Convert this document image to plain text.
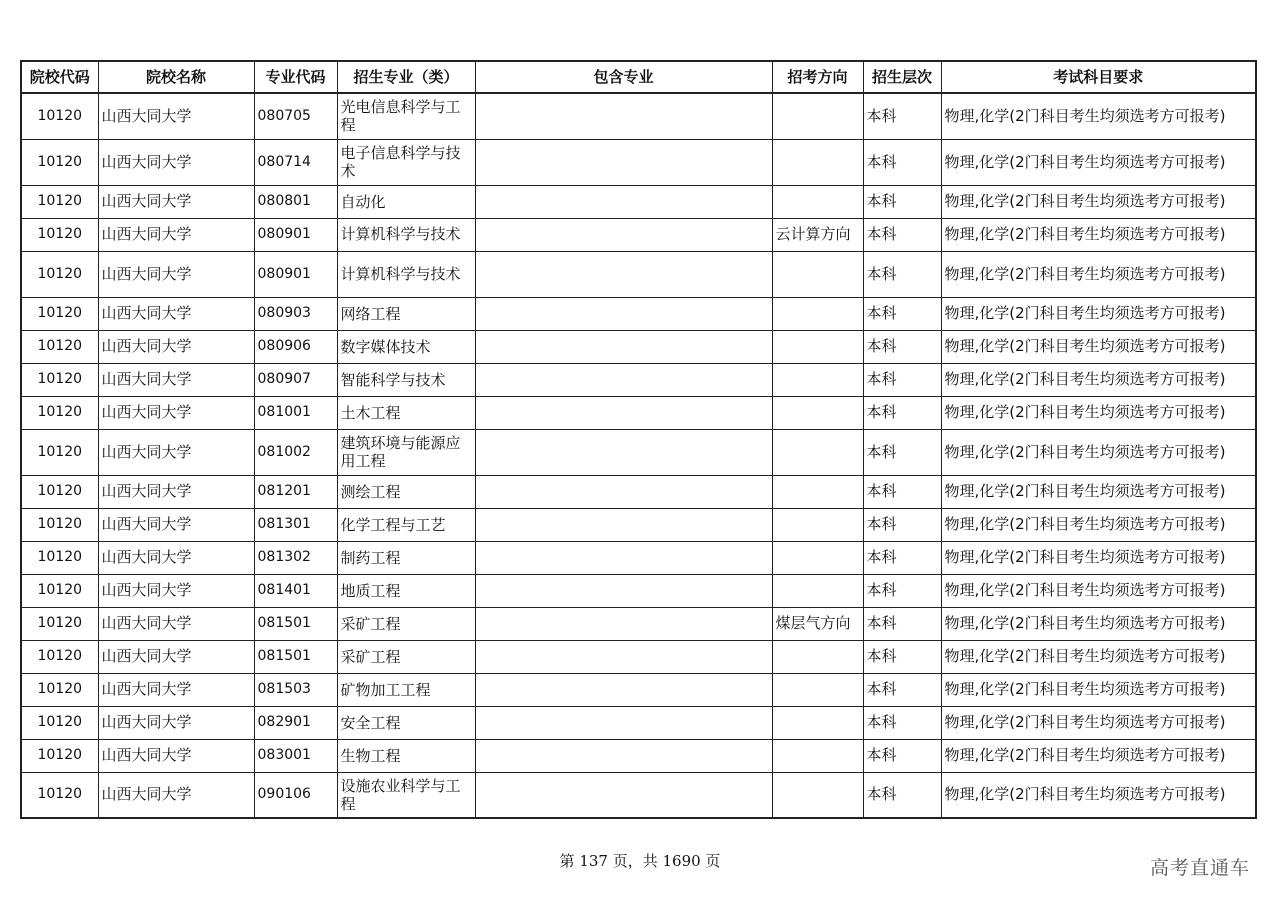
院校代码	院校名称	专业代码	招生专业（类）	包含专业	招考方向	招生层次	考试科目要求
10120	山西大同大学	080705	光电信息科学与工程			本科	物理,化学(2门科目考生均须选考方可报考)
10120	山西大同大学	080714	电子信息科学与技术			本科	物理,化学(2门科目考生均须选考方可报考)
10120	山西大同大学	080801	自动化			本科	物理,化学(2门科目考生均须选考方可报考)
10120	山西大同大学	080901	计算机科学与技术		云计算方向	本科	物理,化学(2门科目考生均须选考方可报考)
10120	山西大同大学	080901	计算机科学与技术			本科	物理,化学(2门科目考生均须选考方可报考)
10120	山西大同大学	080903	网络工程			本科	物理,化学(2门科目考生均须选考方可报考)
10120	山西大同大学	080906	数字媒体技术			本科	物理,化学(2门科目考生均须选考方可报考)
10120	山西大同大学	080907	智能科学与技术			本科	物理,化学(2门科目考生均须选考方可报考)
10120	山西大同大学	081001	土木工程			本科	物理,化学(2门科目考生均须选考方可报考)
10120	山西大同大学	081002	建筑环境与能源应用工程			本科	物理,化学(2门科目考生均须选考方可报考)
10120	山西大同大学	081201	测绘工程			本科	物理,化学(2门科目考生均须选考方可报考)
10120	山西大同大学	081301	化学工程与工艺			本科	物理,化学(2门科目考生均须选考方可报考)
10120	山西大同大学	081302	制药工程			本科	物理,化学(2门科目考生均须选考方可报考)
10120	山西大同大学	081401	地质工程			本科	物理,化学(2门科目考生均须选考方可报考)
10120	山西大同大学	081501	采矿工程		煤层气方向	本科	物理,化学(2门科目考生均须选考方可报考)
10120	山西大同大学	081501	采矿工程			本科	物理,化学(2门科目考生均须选考方可报考)
10120	山西大同大学	081503	矿物加工工程			本科	物理,化学(2门科目考生均须选考方可报考)
10120	山西大同大学	082901	安全工程			本科	物理,化学(2门科目考生均须选考方可报考)
10120	山西大同大学	083001	生物工程			本科	物理,化学(2门科目考生均须选考方可报考)
10120	山西大同大学	090106	设施农业科学与工程			本科	物理,化学(2门科目考生均须选考方可报考)
第 137 页，共 1690 页	高考直通车
